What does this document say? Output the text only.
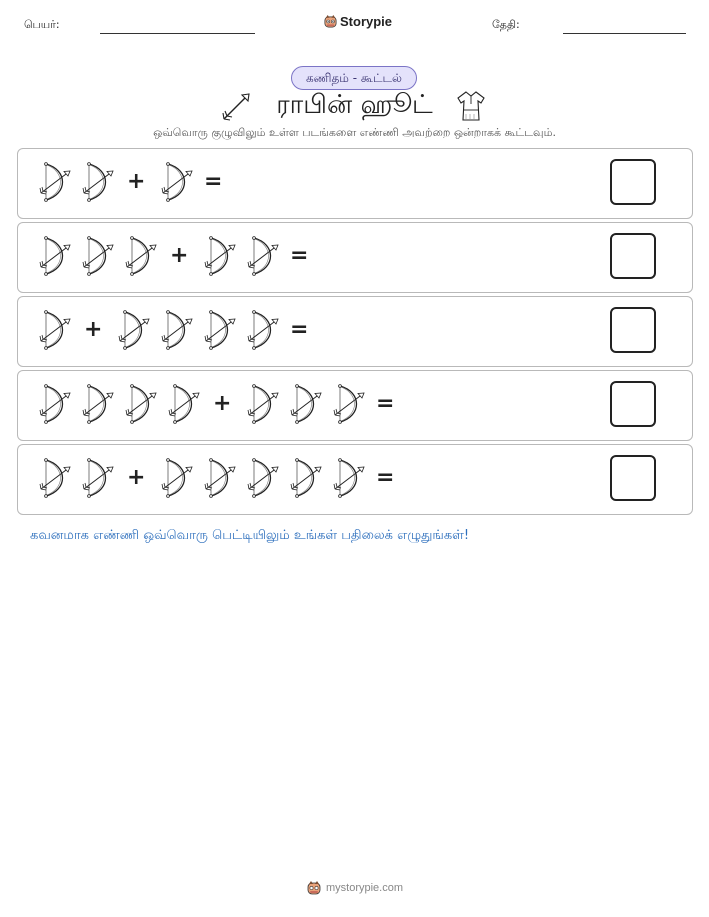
பெயர்:	Storypie	தேதி:
கணிதம் - கூட்டல்
ராபின் ஹூட்
ஒவ்வொரு குழுவிலும் உள்ள படங்களை எண்ணி அவற்றை ஒன்றாகக் கூட்டவும்.
+	=
+	=
+	=
+	=
+	=
கவனமாக எண்ணி ஒவ்வொரு பெட்டியிலும் உங்கள் பதிலைக் எழுதுங்கள்!
mystorypie.com
